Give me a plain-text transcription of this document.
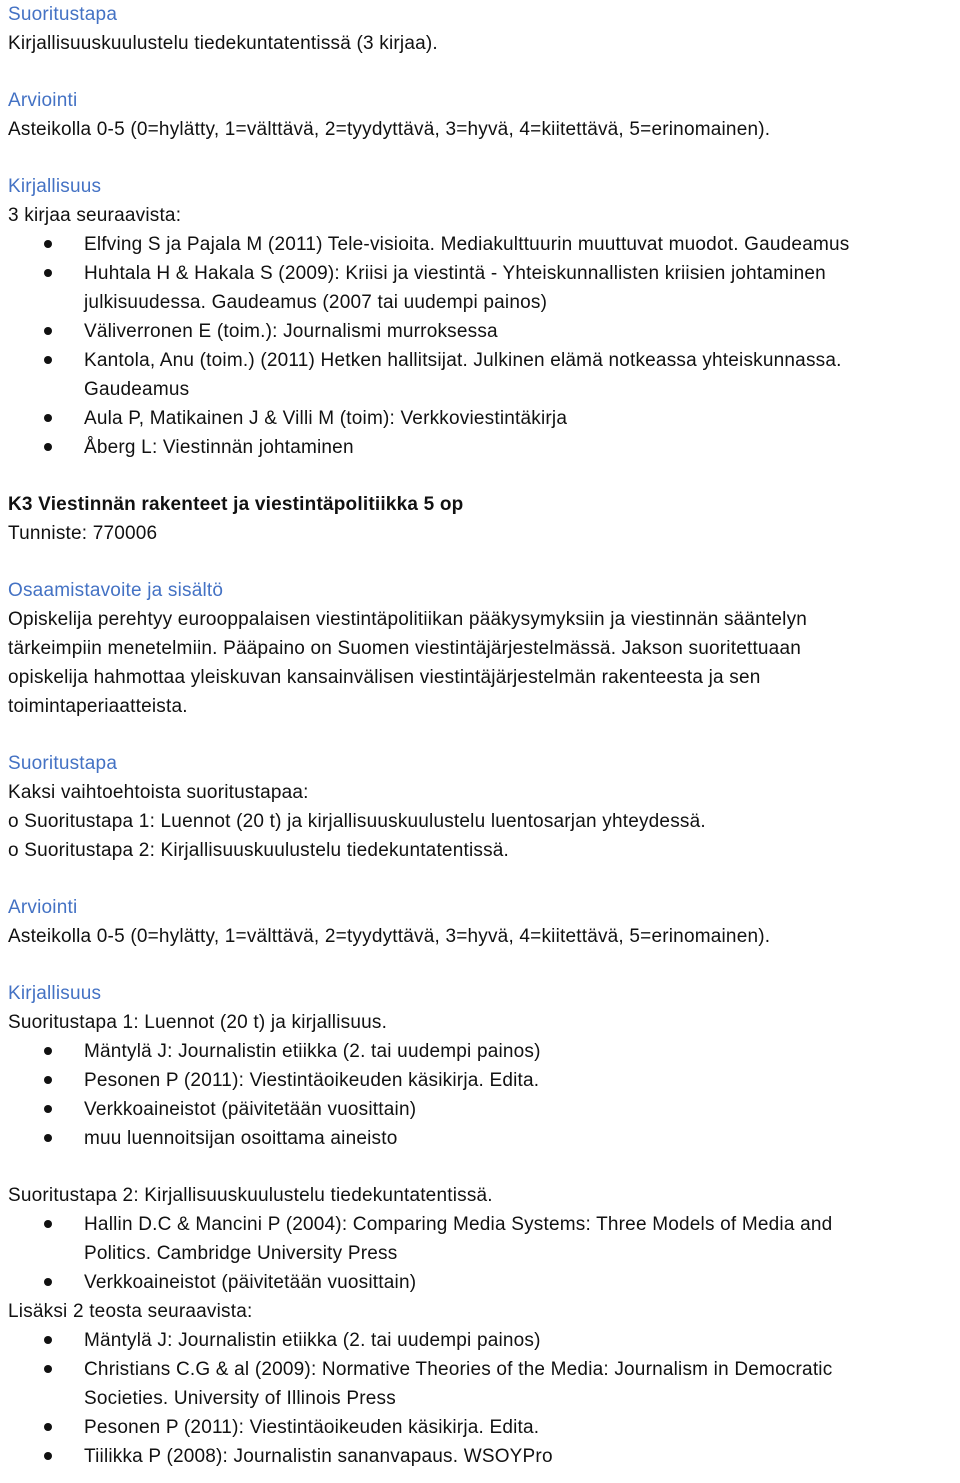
Suoritustapa
Kirjallisuuskuulustelu tiedekuntatentissä (3 kirjaa).
Arviointi
Asteikolla 0-5 (0=hylätty, 1=välttävä, 2=tyydyttävä, 3=hyvä, 4=kiitettävä, 5=erinomainen).
Kirjallisuus
3 kirjaa seuraavista:
Elfving S ja Pajala M (2011) Tele-visioita. Mediakulttuurin muuttuvat muodot. Gaudeamus
Huhtala H & Hakala S (2009): Kriisi ja viestintä - Yhteiskunnallisten kriisien johtaminen
julkisuudessa. Gaudeamus (2007 tai uudempi painos)
Väliverronen E (toim.): Journalismi murroksessa
Kantola, Anu (toim.) (2011) Hetken hallitsijat. Julkinen elämä notkeassa yhteiskunnassa.
Gaudeamus
Aula P, Matikainen J & Villi M (toim): Verkkoviestintäkirja
Åberg L: Viestinnän johtaminen
K3 Viestinnän rakenteet ja viestintäpolitiikka 5 op
Tunniste: 770006
Osaamistavoite ja sisältö
Opiskelija perehtyy eurooppalaisen viestintäpolitiikan pääkysymyksiin ja viestinnän sääntelyn
tärkeimpiin menetelmiin. Pääpaino on Suomen viestintäjärjestelmässä. Jakson suoritettuaan
opiskelija hahmottaa yleiskuvan kansainvälisen viestintäjärjestelmän rakenteesta ja sen
toimintaperiaatteista.
Suoritustapa
Kaksi vaihtoehtoista suoritustapaa:
o Suoritustapa 1: Luennot (20 t) ja kirjallisuuskuulustelu luentosarjan yhteydessä.
o Suoritustapa 2: Kirjallisuuskuulustelu tiedekuntatentissä.
Arviointi
Asteikolla 0-5 (0=hylätty, 1=välttävä, 2=tyydyttävä, 3=hyvä, 4=kiitettävä, 5=erinomainen).
Kirjallisuus
Suoritustapa 1: Luennot (20 t) ja kirjallisuus.
Mäntylä J: Journalistin etiikka (2. tai uudempi painos)
Pesonen P (2011): Viestintäoikeuden käsikirja. Edita.
Verkkoaineistot (päivitetään vuosittain)
muu luennoitsijan osoittama aineisto
Suoritustapa 2: Kirjallisuuskuulustelu tiedekuntatentissä.
Hallin D.C & Mancini P (2004): Comparing Media Systems: Three Models of Media and
Politics. Cambridge University Press
Verkkoaineistot (päivitetään vuosittain)
Lisäksi 2 teosta seuraavista:
Mäntylä J: Journalistin etiikka (2. tai uudempi painos)
Christians C.G & al (2009): Normative Theories of the Media: Journalism in Democratic
Societies. University of Illinois Press
Pesonen P (2011): Viestintäoikeuden käsikirja. Edita.
Tiilikka P (2008): Journalistin sananvapaus. WSOYPro
